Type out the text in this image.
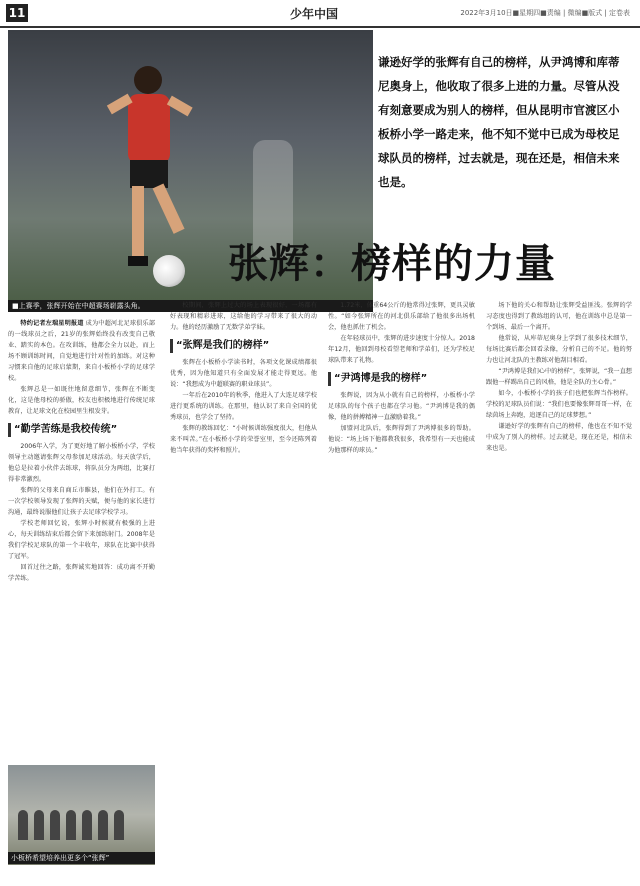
11	少年中国	2022年3月10日■星期四■责编 | 微编■版式 | 定卷表
■上赛季，张辉开始在中超赛场崭露头角。

谦逊好学的张辉有自己的榜样，从尹鸿博和库蒂尼奥身上，他收取了很多上进的力量。尽管从没有刻意要成为别人的榜样，但从昆明市官渡区小板桥小学一路走来，他不知不觉中已成为母校足球队员的榜样，过去就是，现在还是，相信未来也是。

张辉：榜样的力量

特约记者左瑞星明报道 成为中超河北足球俱乐部的一线球员之后，21岁的张辉始终没有改变自己敬业、踏实的本色。在攻训练，他都会全力以赴，而上场不顾训练时间，自觉地进行针对性的加练。对这种习惯来自他的足球启蒙期，来自小板桥小学的足球学校。

张辉总是一如既往地留意细节，张辉在不断变化，这是他母校的骄傲，校友也积极地进行传统足球教育，让足球文化在校园里生根发芽。

“勤学苦练是我校传统”

2006年入学，为了更好地了解小板桥小学，学校领导主动邀请张辉父母参加足球活动。每天放学后，他总是拉着小伙伴去练球，将队员分为两组，比赛打得非常激烈。

张辉的父母来自商丘市睢县，他们在外打工。有一次学校领导发现了张辉的天赋，便与他的家长进行沟通，最终说服他们让孩子去足球学校学习。

学校老师回忆说，张辉小时候就有极强的上进心，每天训练结束后都会留下来加练射门。2008年是我们学校足球队的第一个丰收年，球队在比赛中获得了冠军。

回首过往之路，张辉诚实地回答：成功离不开勤学苦练。

小板桥希望培养出更多个“张辉”

校期间，张辉上过大的场上表现很好，一场都有好表现和精彩进球，这给他的学习带来了很大的动力。他的经历激励了无数学弟学妹。

“张辉是我们的榜样”

张辉在小板桥小学读书时，各项文化课成绩都很优秀，因为他知道只有全面发展才能走得更远。他说：“我想成为中超联赛的职业球员”。

一年后在2010年的秋季，他进入了大连足球学校进行更系统的训练。在那里，他认识了来自全国的优秀球员，也学会了坚持。

张辉的教练回忆：“小时候训练强度很大，但他从来不叫苦。”在小板桥小学的荣誉室里，至今还陈列着他当年获得的奖杯和照片。

1.72米，体重64公斤的他常得过张辉，更具灵敏性。“如今张辉所在的河北俱乐部给了他很多出场机会，他也抓住了机会。

在年轻球员中，张辉的进步速度十分惊人。2018年12月，他回到母校看望老师和学弟们，还为学校足球队带来了礼物。

“尹鸿博是我的榜样”

张辉说，因为从小就有自己的榜样，小板桥小学足球队的每个孩子也都在学习他。“尹鸿博是我的偶像，他的拼搏精神一直激励着我。”

加盟河北队后，张辉得到了尹鸿博很多的帮助。他说：“场上场下他都教我很多，我希望有一天也能成为他那样的球员。”

场下他的关心和帮助让张辉受益匪浅。张辉的学习态度也得到了教练组的认可，他在训练中总是第一个到场、最后一个离开。

他常说，从库蒂尼奥身上学到了很多技术细节，每场比赛后都会回看录像，分析自己的不足。他的努力也让河北队的主教练对他刮目相看。

“尹鸿博是我们心中的榜样”，张辉说，“我一直想跟他一样踢出自己的风格，他是全队的主心骨。”

如今，小板桥小学的孩子们也把张辉当作榜样。学校的足球队员们说：“我们也要像张辉哥哥一样，在绿茵场上奔跑，追逐自己的足球梦想。”

谦逊好学的张辉有自己的榜样，他也在不知不觉中成为了别人的榜样。过去就是，现在还是，相信未来也是。
